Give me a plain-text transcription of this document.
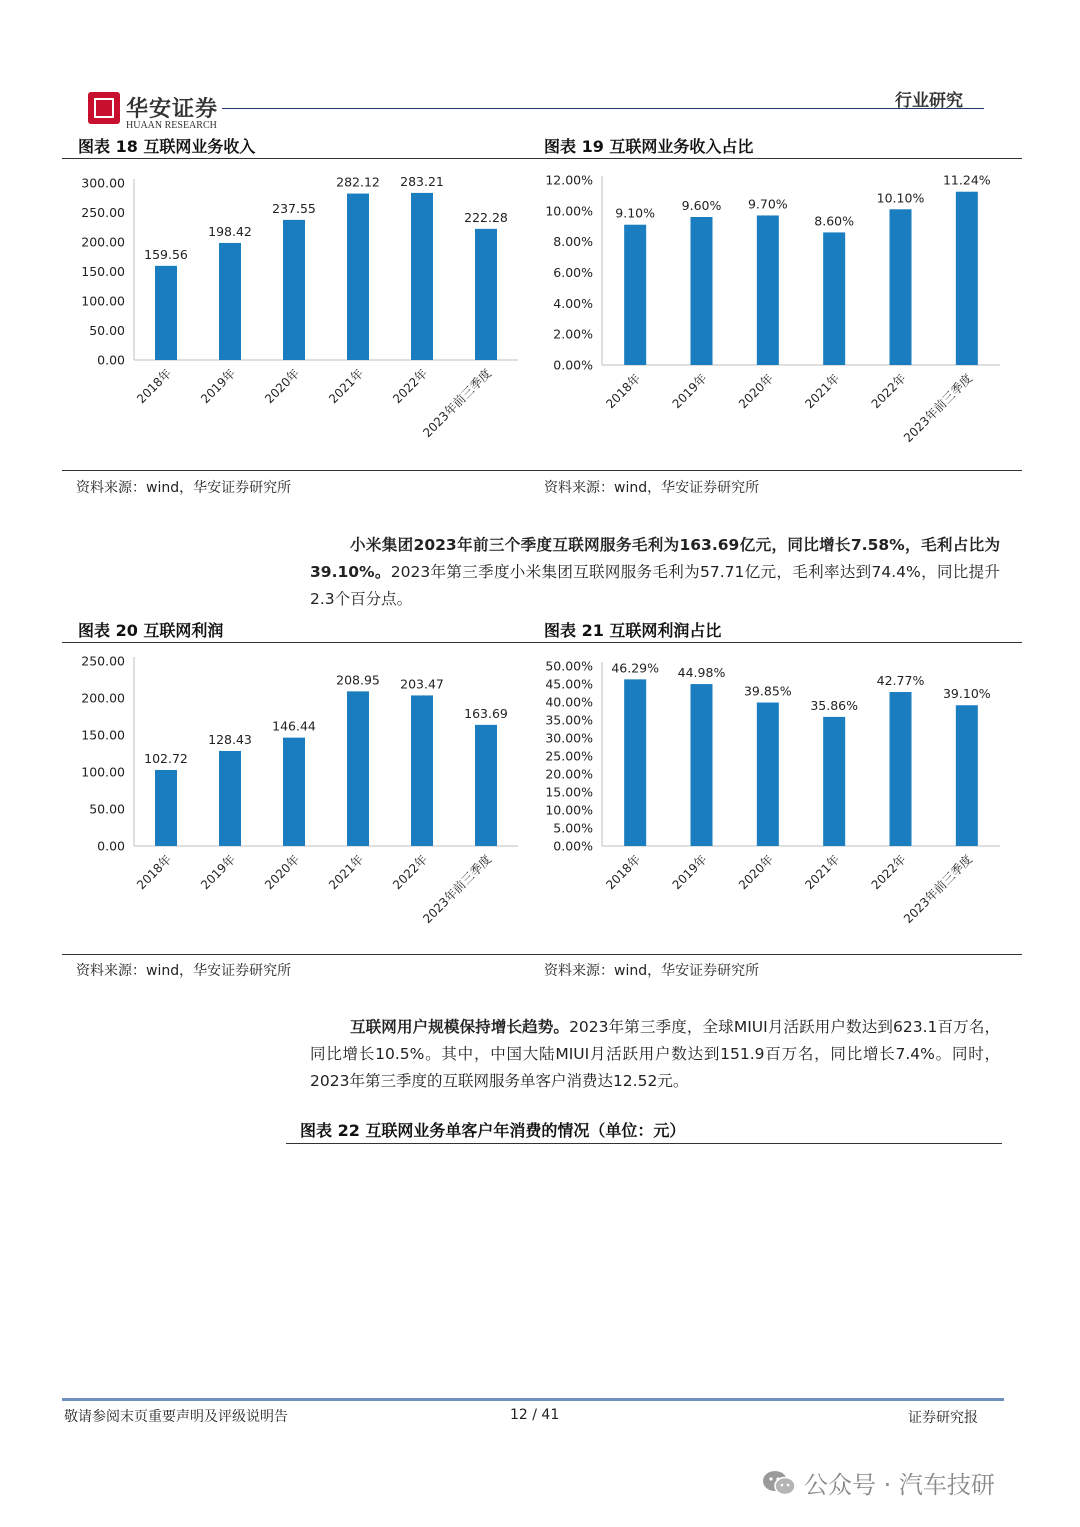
华安证券
HUAAN RESEARCH
行业研究
图表 18 互联网业务收入
0.00
50.00
100.00
150.00
200.00
250.00
300.00
159.56
2018年
198.42
2019年
237.55
2020年
282.12
2021年
283.21
2022年
222.28
2023年前三季度
资料来源：wind，华安证券研究所
图表 19 互联网业务收入占比
0.00%
2.00%
4.00%
6.00%
8.00%
10.00%
12.00%
9.10%
2018年
9.60%
2019年
9.70%
2020年
8.60%
2021年
10.10%
2022年
11.24%
2023年前三季度
资料来源：wind，华安证券研究所
小米集团2023年前三个季度互联网服务毛利为163.69亿元，同比增长7.58%，毛利占比为39.10%。2023年第三季度小米集团互联网服务毛利为57.71亿元，毛利率达到74.4%，同比提升2.3个百分点。
图表 20 互联网利润
0.00
50.00
100.00
150.00
200.00
250.00
102.72
2018年
128.43
2019年
146.44
2020年
208.95
2021年
203.47
2022年
163.69
2023年前三季度
资料来源：wind，华安证券研究所
图表 21 互联网利润占比
0.00%
5.00%
10.00%
15.00%
20.00%
25.00%
30.00%
35.00%
40.00%
45.00%
50.00% 46.29%
2018年
44.98%
2019年
39.85%
2020年
35.86%
2021年
42.77%
2022年
39.10%
2023年前三季度
资料来源：wind，华安证券研究所
互联网用户规模保持增长趋势。2023年第三季度，全球MIUI月活跃用户数达到623.1百万名，同比增长10.5%。其中，中国大陆MIUI月活跃用户数达到151.9百万名，同比增长7.4%。同时，2023年第三季度的互联网服务单客户消费达12.52元。
图表 22 互联网业务单客户年消费的情况（单位：元）
敬请参阅末页重要声明及评级说明告	12 / 41	证券研究报
公众号 · 汽车技研
